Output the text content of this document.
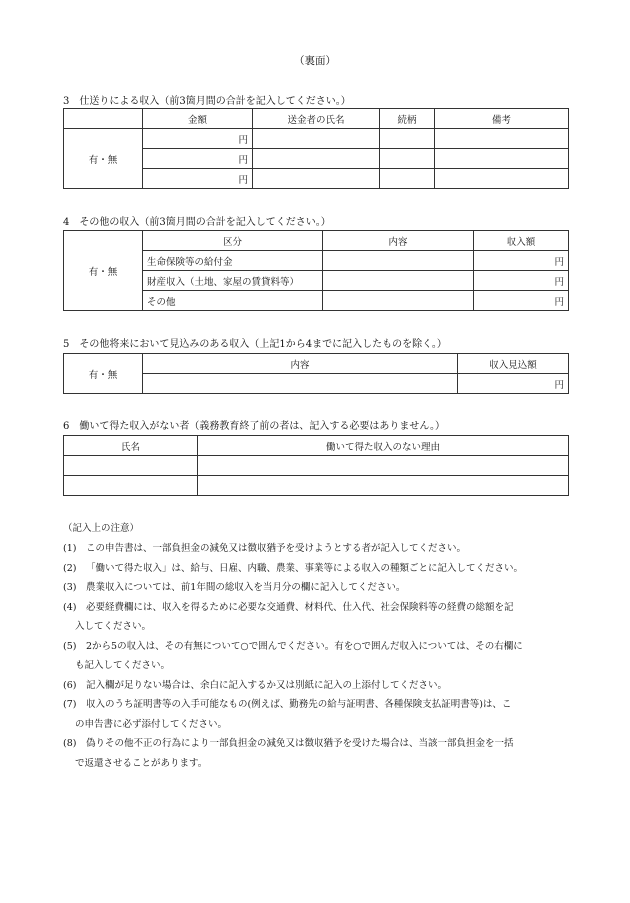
（裏面）
3　仕送りによる収入（前3箇月間の合計を記入してください。）
	金額	送金者の氏名	続柄	備考
有・無	円			
	円			
	円			
4　その他の収入（前3箇月間の合計を記入してください。）
有・無	区分	内容	収入額
	生命保険等の給付金		円
	財産収入（土地、家屋の賃貸料等）		円
	その他		円
5　その他将来において見込みのある収入（上記1から4までに記入したものを除く。）
有・無	内容	収入見込額
		円
6　働いて得た収入がない者（義務教育終了前の者は、記入する必要はありません。）
氏名	働いて得た収入のない理由

（記入上の注意）
(1)	この申告書は、一部負担金の減免又は徴収猶予を受けようとする者が記入してください。
(2)	「働いて得た収入」は、給与、日雇、内職、農業、事業等による収入の種類ごとに記入してください。
(3)	農業収入については、前1年間の総収入を当月分の欄に記入してください。
(4)	必要経費欄には、収入を得るために必要な交通費、材料代、仕入代、社会保険料等の経費の総額を記
入してください。
(5)	2から5の収入は、その有無について○で囲んでください。有を○で囲んだ収入については、その右欄に
も記入してください。
(6)	記入欄が足りない場合は、余白に記入するか又は別紙に記入の上添付してください。
(7)	収入のうち証明書等の入手可能なもの(例えば、勤務先の給与証明書、各種保険支払証明書等)は、こ
の申告書に必ず添付してください。
(8)	偽りその他不正の行為により一部負担金の減免又は徴収猶予を受けた場合は、当該一部負担金を一括
で返還させることがあります。
